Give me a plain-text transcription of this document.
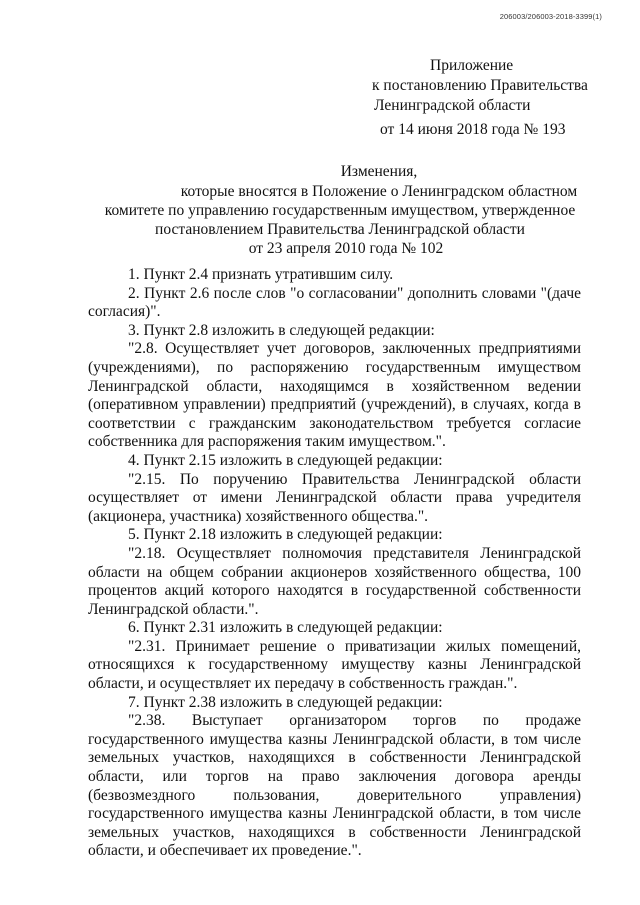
206003/206003-2018-3399(1)
Приложение
к постановлению Правительства
Ленинградской области
от 14 июня 2018 года № 193
Изменения,
которые вносятся в Положение о Ленинградском областном
комитете по управлению государственным имуществом, утвержденное
постановлением Правительства Ленинградской области
от 23 апреля 2010 года № 102

1. Пункт 2.4 признать утратившим силу.

2. Пункт 2.6 после слов "о согласовании" дополнить словами "(даче согласия)".

3. Пункт 2.8 изложить в следующей редакции:

"2.8. Осуществляет учет договоров, заключенных предприятиями (учреждениями), по распоряжению государственным имуществом Ленинградской области, находящимся в хозяйственном ведении (оперативном управлении) предприятий (учреждений), в случаях, когда в соответствии с гражданским законодательством требуется согласие собственника для распоряжения таким имуществом.".

4. Пункт 2.15 изложить в следующей редакции:

"2.15. По поручению Правительства Ленинградской области осуществляет от имени Ленинградской области права учредителя (акционера, участника) хозяйственного общества.".

5. Пункт 2.18 изложить в следующей редакции:

"2.18. Осуществляет полномочия представителя Ленинградской области на общем собрании акционеров хозяйственного общества, 100 процентов акций которого находятся в государственной собственности Ленинградской области.".

6. Пункт 2.31 изложить в следующей редакции:

"2.31. Принимает решение о приватизации жилых помещений, относящихся к государственному имуществу казны Ленинградской области, и осуществляет их передачу в собственность граждан.".

7. Пункт 2.38 изложить в следующей редакции:

"2.38. Выступает организатором торгов по продаже государственного имущества казны Ленинградской области, в том числе земельных участков, находящихся в собственности Ленинградской области, или торгов на право заключения договора аренды (безвозмездного пользования, доверительного управления) государственного имущества казны Ленинградской области, в том числе земельных участков, находящихся в собственности Ленинградской области, и обеспечивает их проведение.".
